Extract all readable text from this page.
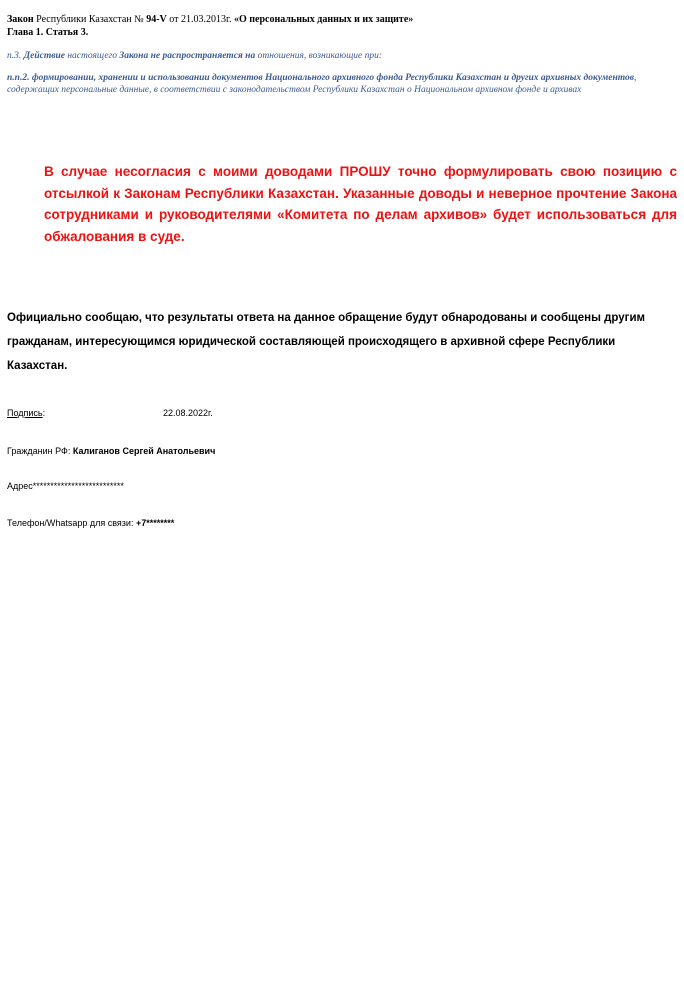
Закон Республики Казахстан № 94-V от 21.03.2013г. «О персональных данных и их защите»
Глава 1. Статья 3.
п.3. Действие настоящего Закона не распространяется на отношения, возникающие при:
п.п.2. формировании, хранении и использовании документов Национального архивного фонда Республики Казахстан и других архивных документов, содержащих персональные данные, в соответствии с законодательством Республики Казахстан о Национальном архивном фонде и архивах
В случае несогласия с моими доводами ПРОШУ точно формулировать свою позицию с отсылкой к Законам Республики Казахстан. Указанные доводы и неверное прочтение Закона сотрудниками и руководителями «Комитета по делам архивов» будет использоваться для обжалования в суде.
Официально сообщаю, что результаты ответа на данное обращение будут обнародованы и сообщены другим гражданам, интересующимся юридической составляющей происходящего в архивной сфере Республики Казахстан.
Подпись:	22.08.2022г.
Гражданин РФ: Калиганов Сергей Анатольевич
Адрес**************************
Телефон/Whatsapp для связи: +7********
